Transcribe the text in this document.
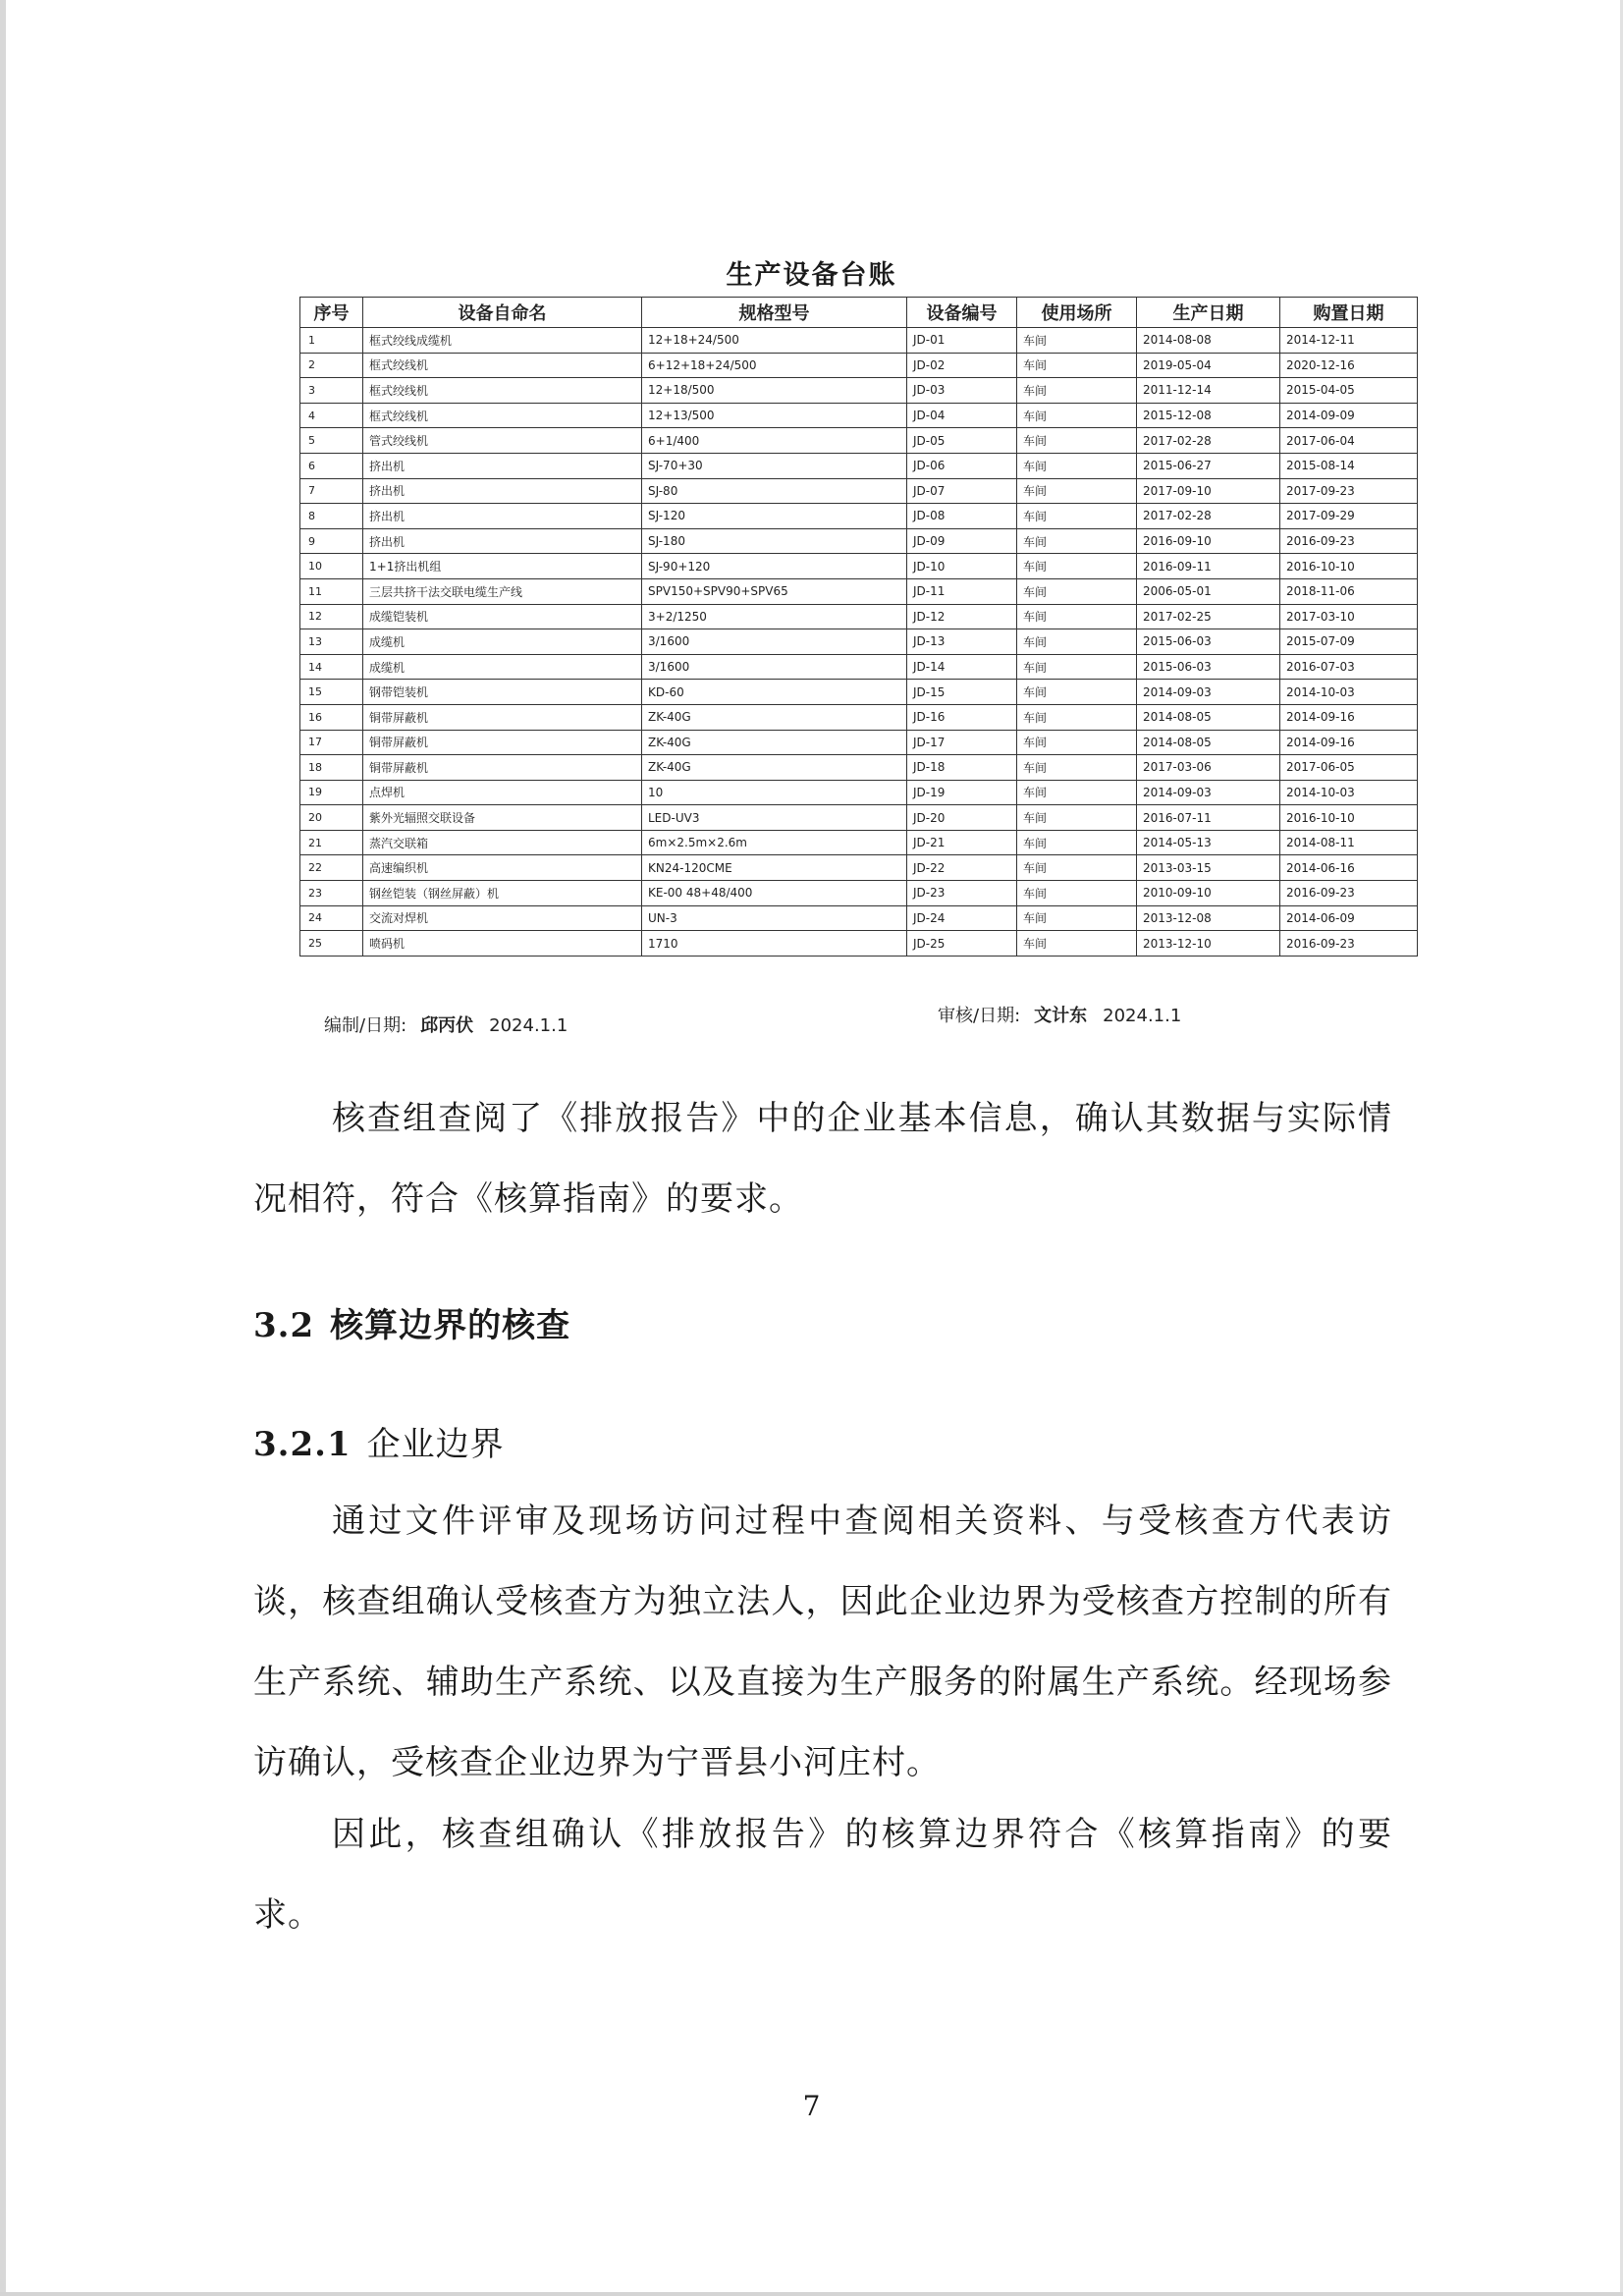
生产设备台账
序号	设备自命名	规格型号	设备编号	使用场所	生产日期	购置日期
1	框式绞线成缆机	12+18+24/500	JD-01	车间	2014-08-08	2014-12-11
2	框式绞线机	6+12+18+24/500	JD-02	车间	2019-05-04	2020-12-16
3	框式绞线机	12+18/500	JD-03	车间	2011-12-14	2015-04-05
4	框式绞线机	12+13/500	JD-04	车间	2015-12-08	2014-09-09
5	管式绞线机	6+1/400	JD-05	车间	2017-02-28	2017-06-04
6	挤出机	SJ-70+30	JD-06	车间	2015-06-27	2015-08-14
7	挤出机	SJ-80	JD-07	车间	2017-09-10	2017-09-23
8	挤出机	SJ-120	JD-08	车间	2017-02-28	2017-09-29
9	挤出机	SJ-180	JD-09	车间	2016-09-10	2016-09-23
10	1+1挤出机组	SJ-90+120	JD-10	车间	2016-09-11	2016-10-10
11	三层共挤干法交联电缆生产线	SPV150+SPV90+SPV65	JD-11	车间	2006-05-01	2018-11-06
12	成缆铠装机	3+2/1250	JD-12	车间	2017-02-25	2017-03-10
13	成缆机	3/1600	JD-13	车间	2015-06-03	2015-07-09
14	成缆机	3/1600	JD-14	车间	2015-06-03	2016-07-03
15	钢带铠装机	KD-60	JD-15	车间	2014-09-03	2014-10-03
16	铜带屏蔽机	ZK-40G	JD-16	车间	2014-08-05	2014-09-16
17	铜带屏蔽机	ZK-40G	JD-17	车间	2014-08-05	2014-09-16
18	铜带屏蔽机	ZK-40G	JD-18	车间	2017-03-06	2017-06-05
19	点焊机	10	JD-19	车间	2014-09-03	2014-10-03
20	紫外光辐照交联设备	LED-UV3	JD-20	车间	2016-07-11	2016-10-10
21	蒸汽交联箱	6m×2.5m×2.6m	JD-21	车间	2014-05-13	2014-08-11
22	高速编织机	KN24-120CME	JD-22	车间	2013-03-15	2014-06-16
23	钢丝铠装（钢丝屏蔽）机	KE-00 48+48/400	JD-23	车间	2010-09-10	2016-09-23
24	交流对焊机	UN-3	JD-24	车间	2013-12-08	2014-06-09
25	喷码机	1710	JD-25	车间	2013-12-10	2016-09-23
编制/日期: 邱丙伏 2024.1.1	审核/日期: 文计东 2024.1.1
核查组查阅了《排放报告》中的企业基本信息，确认其数据与实际情况相符，符合《核算指南》的要求。
3.2 核算边界的核查
3.2.1 企业边界
通过文件评审及现场访问过程中查阅相关资料、与受核查方代表访谈，核查组确认受核查方为独立法人，因此企业边界为受核查方控制的所有生产系统、辅助生产系统、以及直接为生产服务的附属生产系统。经现场参访确认，受核查企业边界为宁晋县小河庄村。
因此，核查组确认《排放报告》的核算边界符合《核算指南》的要求。
7
